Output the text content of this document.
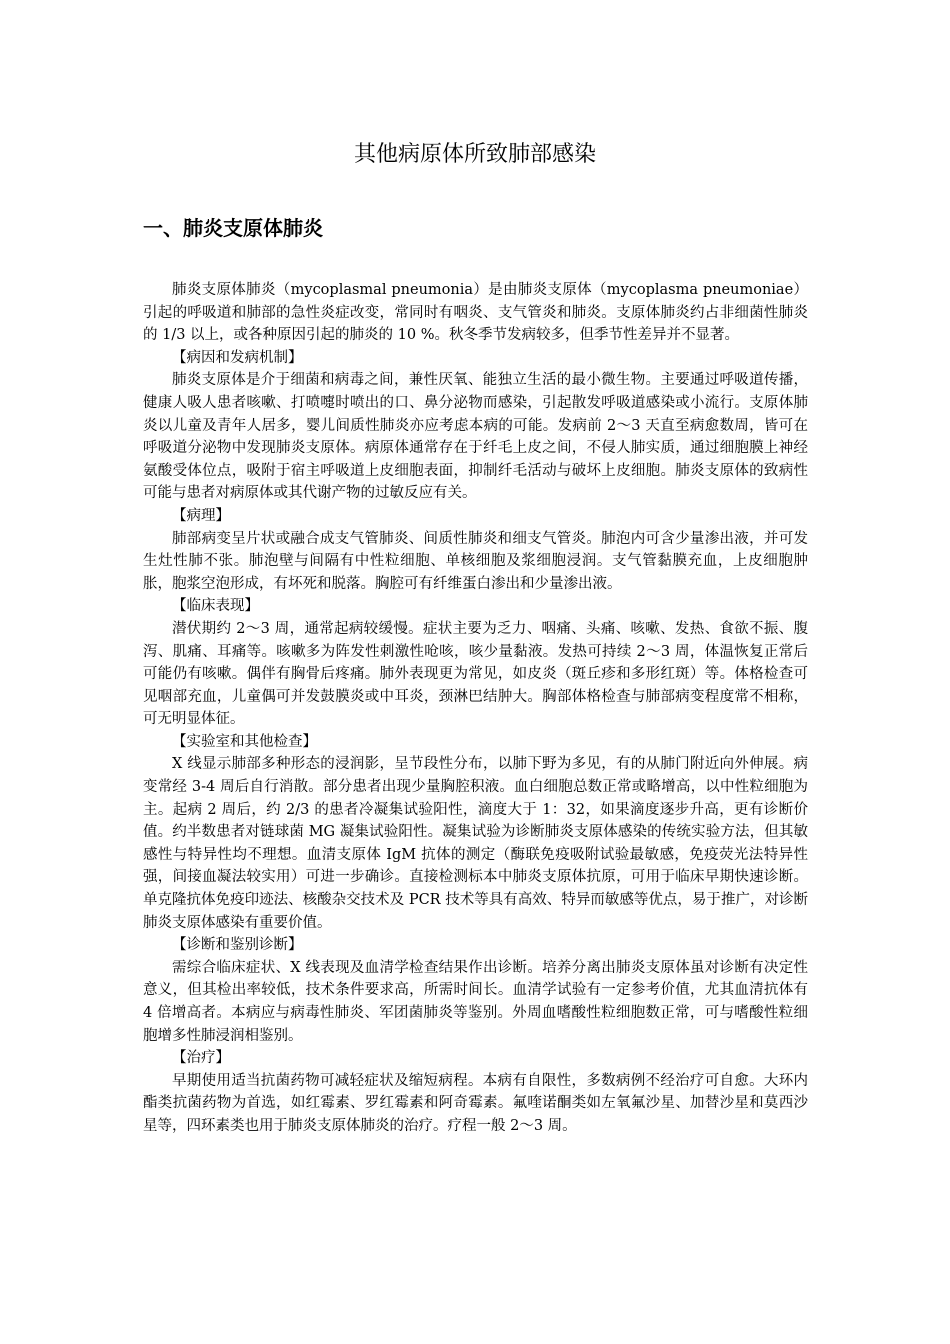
其他病原体所致肺部感染
一、肺炎支原体肺炎

肺炎支原体肺炎（mycoplasmal pneumonia）是由肺炎支原体（mycoplasma pneumoniae）引起的呼吸道和肺部的急性炎症改变，常同时有咽炎、支气管炎和肺炎。支原体肺炎约占非细菌性肺炎的 1/3 以上，或各种原因引起的肺炎的 10 %。秋冬季节发病较多，但季节性差异并不显著。

【病因和发病机制】

肺炎支原体是介于细菌和病毒之间，兼性厌氧、能独立生活的最小微生物。主要通过呼吸道传播，健康人吸人患者咳嗽、打喷嚏时喷出的口、鼻分泌物而感染，引起散发呼吸道感染或小流行。支原体肺炎以儿童及青年人居多，婴儿间质性肺炎亦应考虑本病的可能。发病前 2～3 天直至病愈数周，皆可在呼吸道分泌物中发现肺炎支原体。病原体通常存在于纤毛上皮之间，不侵人肺实质，通过细胞膜上神经氨酸受体位点，吸附于宿主呼吸道上皮细胞表面，抑制纤毛活动与破坏上皮细胞。肺炎支原体的致病性可能与患者对病原体或其代谢产物的过敏反应有关。

【病理】

肺部病变呈片状或融合成支气管肺炎、间质性肺炎和细支气管炎。肺泡内可含少量渗出液，并可发生灶性肺不张。肺泡壁与间隔有中性粒细胞、单核细胞及浆细胞浸润。支气管黏膜充血，上皮细胞肿胀，胞浆空泡形成，有坏死和脱落。胸腔可有纤维蛋白渗出和少量渗出液。

【临床表现】

潜伏期约 2～3 周，通常起病较缓慢。症状主要为乏力、咽痛、头痛、咳嗽、发热、食欲不振、腹泻、肌痛、耳痛等。咳嗽多为阵发性刺激性呛咳，咳少量黏液。发热可持续 2～3 周，体温恢复正常后可能仍有咳嗽。偶伴有胸骨后疼痛。肺外表现更为常见，如皮炎（斑丘疹和多形红斑）等。体格检查可见咽部充血，儿童偶可并发鼓膜炎或中耳炎，颈淋巴结肿大。胸部体格检查与肺部病变程度常不相称，可无明显体征。

【实验室和其他检查】

X 线显示肺部多种形态的浸润影，呈节段性分布，以肺下野为多见，有的从肺门附近向外伸展。病变常经 3-4 周后自行消散。部分患者出现少量胸腔积液。血白细胞总数正常或略增高，以中性粒细胞为主。起病 2 周后，约 2/3 的患者冷凝集试验阳性，滴度大于 1：32，如果滴度逐步升高，更有诊断价值。约半数患者对链球菌 MG 凝集试验阳性。凝集试验为诊断肺炎支原体感染的传统实验方法，但其敏感性与特异性均不理想。血清支原体 IgM 抗体的测定（酶联免疫吸附试验最敏感，免疫荧光法特异性强，间接血凝法较实用）可进一步确诊。直接检测标本中肺炎支原体抗原，可用于临床早期快速诊断。单克隆抗体免疫印迹法、核酸杂交技术及 PCR 技术等具有高效、特异而敏感等优点，易于推广，对诊断肺炎支原体感染有重要价值。

【诊断和鉴别诊断】

需综合临床症状、X 线表现及血清学检查结果作出诊断。培养分离出肺炎支原体虽对诊断有决定性意义，但其检出率较低，技术条件要求高，所需时间长。血清学试验有一定参考价值，尤其血清抗体有 4 倍增高者。本病应与病毒性肺炎、军团菌肺炎等鉴别。外周血嗜酸性粒细胞数正常，可与嗜酸性粒细胞增多性肺浸润相鉴别。

【治疗】

早期使用适当抗菌药物可减轻症状及缩短病程。本病有自限性，多数病例不经治疗可自愈。大环内酯类抗菌药物为首选，如红霉素、罗红霉素和阿奇霉素。氟喹诺酮类如左氧氟沙星、加替沙星和莫西沙星等，四环素类也用于肺炎支原体肺炎的治疗。疗程一般 2～3 周。
